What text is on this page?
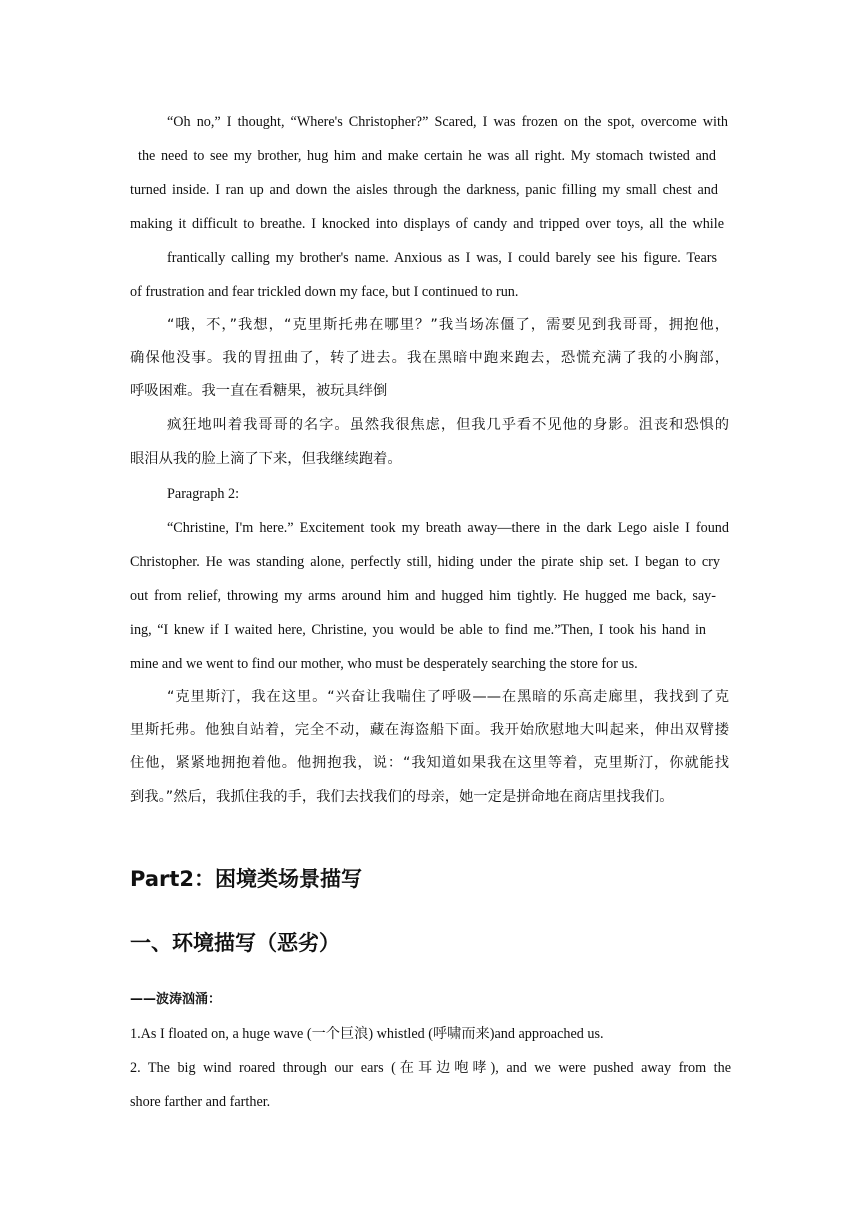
“Oh no,” I thought, “Where's Christopher?” Scared, I was frozen on the spot, overcome with
the need to see my brother, hug him and make certain he was all right. My stomach twisted and
turned inside. I ran up and down the aisles through the darkness, panic filling my small chest and
making it difficult to breathe. I knocked into displays of candy and tripped over toys, all the while
frantically calling my brother's name. Anxious as I was, I could barely see his figure. Tears
of frustration and fear trickled down my face, but I continued to run.
“哦，不，”我想，“克里斯托弗在哪里？”我当场冻僵了，需要见到我哥哥，拥抱他，
确保他没事。我的胃扭曲了，转了进去。我在黑暗中跑来跑去，恐慌充满了我的小胸部，
呼吸困难。我一直在看糖果，被玩具绊倒
疯狂地叫着我哥哥的名字。虽然我很焦虑，但我几乎看不见他的身影。沮丧和恐惧的
眼泪从我的脸上滴了下来，但我继续跑着。
Paragraph 2:
“Christine, I'm here.” Excitement took my breath away—there in the dark Lego aisle I found
Christopher. He was standing alone, perfectly still, hiding under the pirate ship set. I began to cry
out from relief, throwing my arms around him and hugged him tightly. He hugged me back, say-
ing, “I knew if I waited here, Christine, you would be able to find me.”Then, I took his hand in
mine and we went to find our mother, who must be desperately searching the store for us.
“克里斯汀，我在这里。“兴奋让我喘住了呼吸——在黑暗的乐高走廊里，我找到了克
里斯托弗。他独自站着，完全不动，藏在海盗船下面。我开始欣慰地大叫起来，伸出双臂搂
住他，紧紧地拥抱着他。他拥抱我，说：“我知道如果我在这里等着，克里斯汀，你就能找
到我。”然后，我抓住我的手，我们去找我们的母亲，她一定是拼命地在商店里找我们。
Part2：困境类场景描写
一、环境描写（恶劣）
——波涛汹涌：
1.As I floated on, a huge wave (一个巨浪) whistled (呼啸而来)and approached us.
2. The big wind roared through our ears (在耳边咆哮), and we were pushed away from the
shore farther and farther.
